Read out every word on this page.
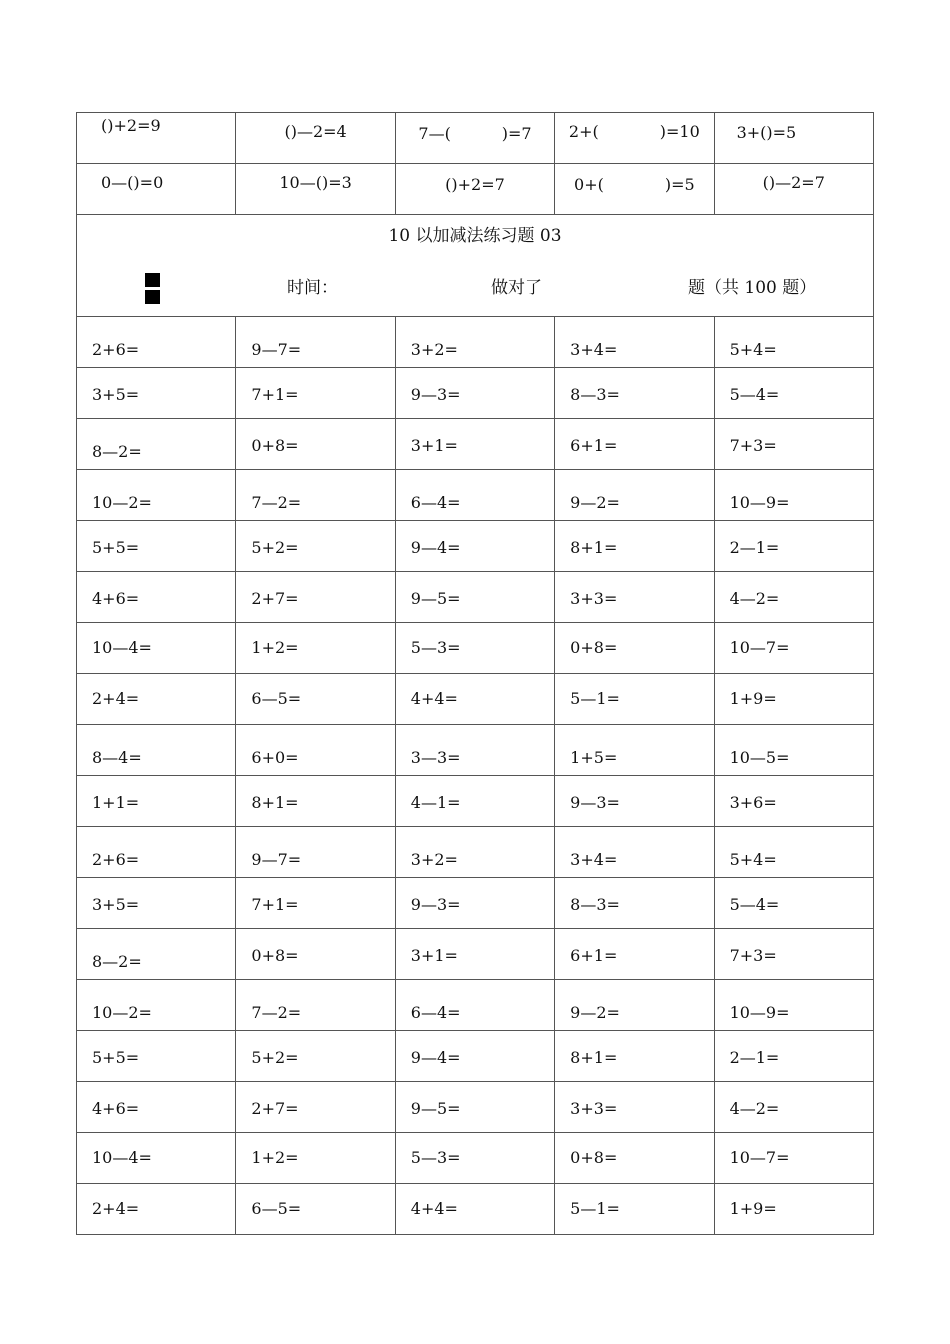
()+2=9	()—2=4	7—(          )=7	2+(            )=10	3+()=5

0—()=0	10—()=3	()+2=7	0+(            )=5	()—2=7

10 以加减法练习题 03
时间： 做对了 题（共 100 题）				

2+6=	9—7=	3+2=	3+4=	5+4=

3+5=	7+1=	9—3=	8—3=	5—4=

8—2=	0+8=	3+1=	6+1=	7+3=

10—2=	7—2=	6—4=	9—2=	10—9=

5+5=	5+2=	9—4=	8+1=	2—1=

4+6=	2+7=	9—5=	3+3=	4—2=

10—4=	1+2=	5—3=	0+8=	10—7=

2+4=	6—5=	4+4=	5—1=	1+9=

8—4=	6+0=	3—3=	1+5=	10—5=

1+1=	8+1=	4—1=	9—3=	3+6=

2+6=	9—7=	3+2=	3+4=	5+4=

3+5=	7+1=	9—3=	8—3=	5—4=

8—2=	0+8=	3+1=	6+1=	7+3=

10—2=	7—2=	6—4=	9—2=	10—9=

5+5=	5+2=	9—4=	8+1=	2—1=

4+6=	2+7=	9—5=	3+3=	4—2=

10—4=	1+2=	5—3=	0+8=	10—7=

2+4=	6—5=	4+4=	5—1=	1+9=
